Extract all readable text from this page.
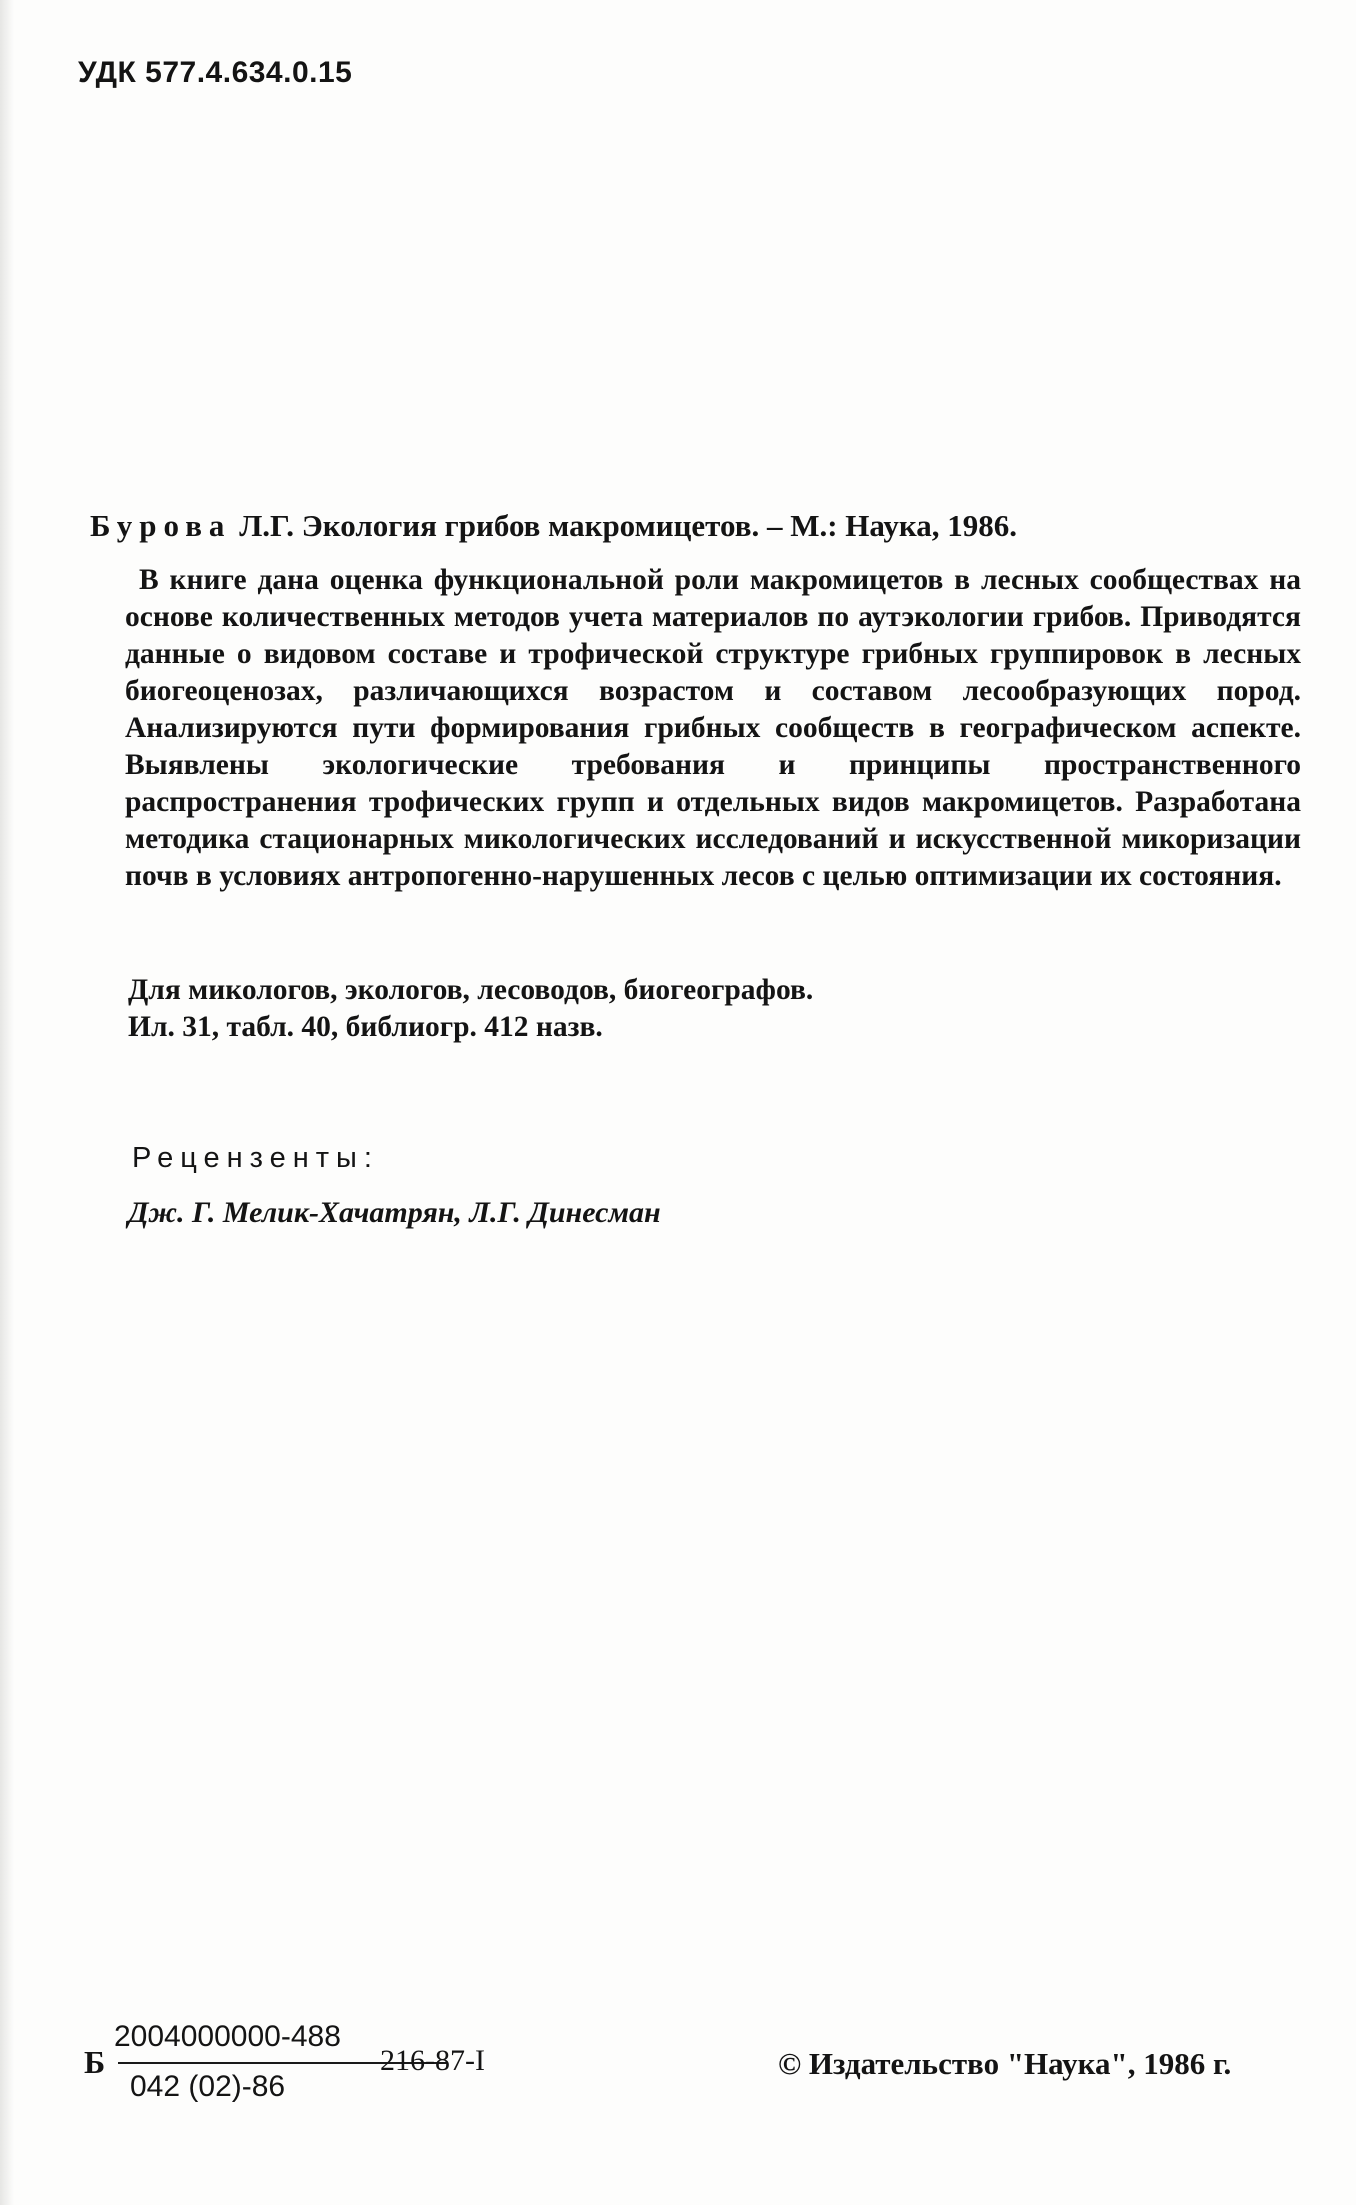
УДК 577.4.634.0.15
Бурова Л.Г. Экология грибов макромицетов. – М.: Наука, 1986.

В книге дана оценка функциональной роли макромицетов в лесных сообществах на основе количественных методов учета материалов по аутэкологии грибов. Приводятся данные о видовом составе и трофической структуре грибных группировок в лесных биогеоценозах, различающихся возрастом и составом лесообразующих пород. Анализируются пути формирования грибных сообществ в географическом аспекте. Выявлены экологические требования и принципы пространственного распространения трофических групп и отдельных видов макромицетов. Разработана методика стационарных микологических исследований и искусственной микоризации почв в условиях антропогенно-нарушенных лесов с целью оптимизации их состояния.

Для микологов, экологов, лесоводов, биогеографов.
Ил. 31, табл. 40, библиогр. 412 назв.
Рецензенты:
Дж. Г. Мелик-Хачатрян, Л.Г. Динесман
Б
2004000000-488
042 (02)-86
216-87-I	© Издательство "Наука", 1986 г.
